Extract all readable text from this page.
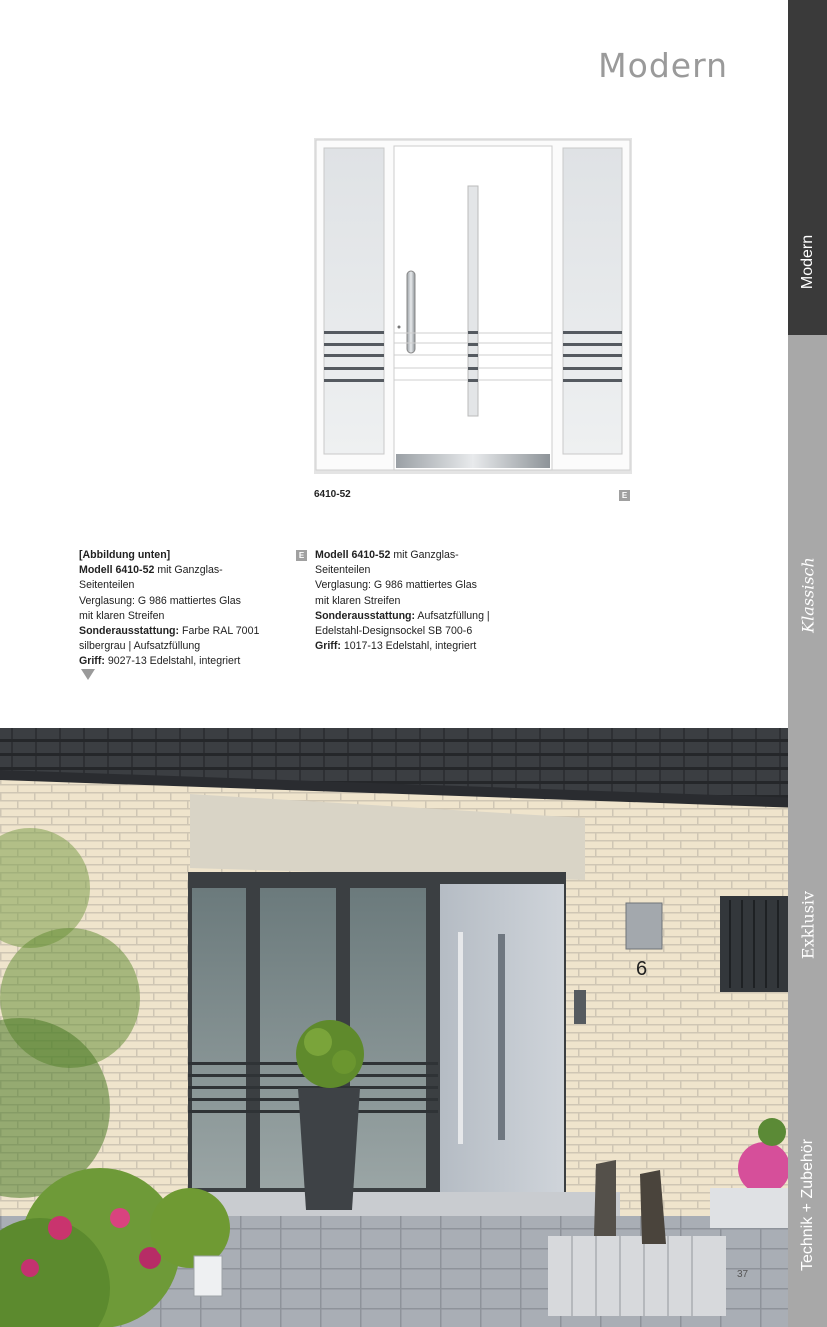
Modern
6410-52	E
[Abbildung unten]
Modell 6410-52 mit Ganzglas-
Seitenteilen
Verglasung: G 986 mattiertes Glas
mit klaren Streifen
Sonderausstattung: Farbe RAL 7001
silbergrau | Aufsatzfüllung
Griff: 9027-13 Edelstahl, integriert
E Modell 6410-52 mit Ganzglas-
Seitenteilen
Verglasung: G 986 mattiertes Glas
mit klaren Streifen
Sonderausstattung: Aufsatzfüllung |
Edelstahl-Designsockel SB 700-6
Griff: 1017-13 Edelstahl, integriert
6
37
Modern
Klassisch
Exklusiv
Technik + Zubehör
